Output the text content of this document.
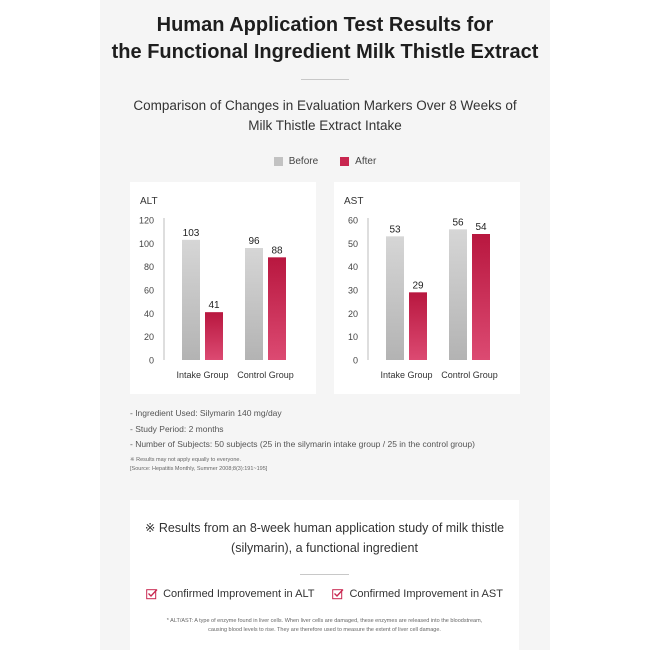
Human Application Test Results for
the Functional Ingredient Milk Thistle Extract
Comparison of Changes in Evaluation Markers Over 8 Weeks of
Milk Thistle Extract Intake
Before	After
ALT
0
20
40
60
80
100
120
103
41
Intake Group
96
88
Control Group
AST
0
10
20
30
40
50
60
53
29
Intake Group
56 54
Control Group
- Ingredient Used: Silymarin 140 mg/day
- Study Period: 2 months
- Number of Subjects: 50 subjects (25 in the silymarin intake group / 25 in the control group)
※ Results may not apply equally to everyone.
[Source: Hepatitis Monthly, Summer 2008;8(3):191~195]
※ Results from an 8-week human application study of milk thistle
(silymarin), a functional ingredient
Confirmed Improvement in ALT	Confirmed Improvement in AST
* ALT/AST: A type of enzyme found in liver cells. When liver cells are damaged, these enzymes are released into the bloodstream,
causing blood levels to rise. They are therefore used to measure the extent of liver cell damage.
